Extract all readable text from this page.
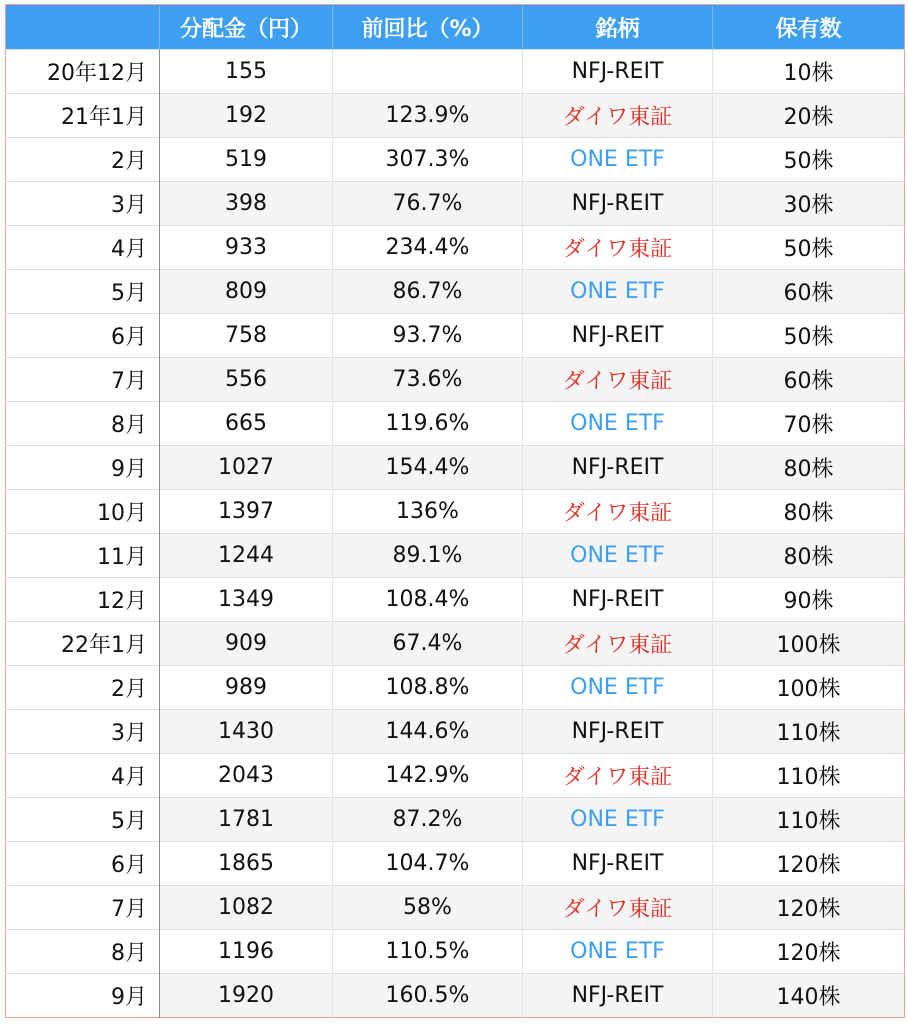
	分配金（円）	前回比（%）	銘柄	保有数
20年12月	155		NFJ-REIT	10株
21年1月	192	123.9%	ダイワ東証	20株
2月	519	307.3%	ONE ETF	50株
3月	398	76.7%	NFJ-REIT	30株
4月	933	234.4%	ダイワ東証	50株
5月	809	86.7%	ONE ETF	60株
6月	758	93.7%	NFJ-REIT	50株
7月	556	73.6%	ダイワ東証	60株
8月	665	119.6%	ONE ETF	70株
9月	1027	154.4%	NFJ-REIT	80株
10月	1397	136%	ダイワ東証	80株
11月	1244	89.1%	ONE ETF	80株
12月	1349	108.4%	NFJ-REIT	90株
22年1月	909	67.4%	ダイワ東証	100株
2月	989	108.8%	ONE ETF	100株
3月	1430	144.6%	NFJ-REIT	110株
4月	2043	142.9%	ダイワ東証	110株
5月	1781	87.2%	ONE ETF	110株
6月	1865	104.7%	NFJ-REIT	120株
7月	1082	58%	ダイワ東証	120株
8月	1196	110.5%	ONE ETF	120株
9月	1920	160.5%	NFJ-REIT	140株
